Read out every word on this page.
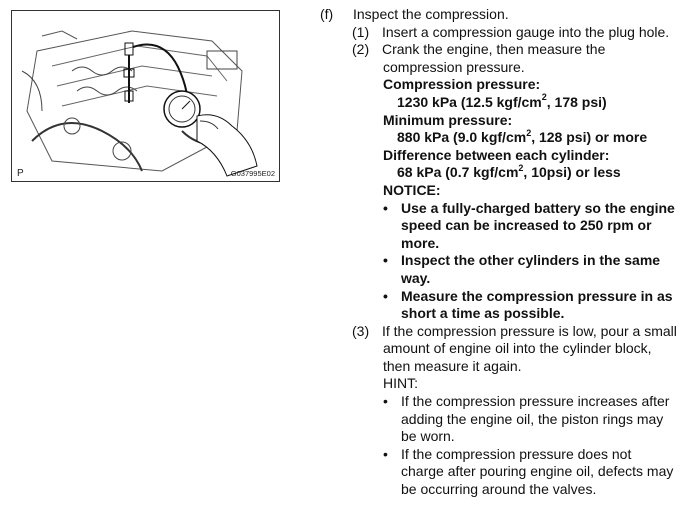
P	G037995E02
(f)	Inspect the compression.
(1) Insert a compression gauge into the plug hole.
(2) Crank the engine, then measure the
compression pressure.
Compression pressure:
1230 kPa (12.5 kgf/$cm^2$, 178 psi)
Minimum pressure:
880 kPa (9.0 kgf/$cm^2$, 128 psi) or more
Difference between each cylinder:
68 kPa (0.7 kgf/$cm^2$, 10psi) or less
NOTICE:
• Use a fully-charged battery so the engine
speed can be increased to 250 rpm or
more.
• Inspect the other cylinders in the same
way.
• Measure the compression pressure in as
short a time as possible.
(3) If the compression pressure is low, pour a small
amount of engine oil into the cylinder block,
then measure it again.
HINT:
• If the compression pressure increases after
adding the engine oil, the piston rings may
be worn.
• If the compression pressure does not
charge after pouring engine oil, defects may
be occurring around the valves.
